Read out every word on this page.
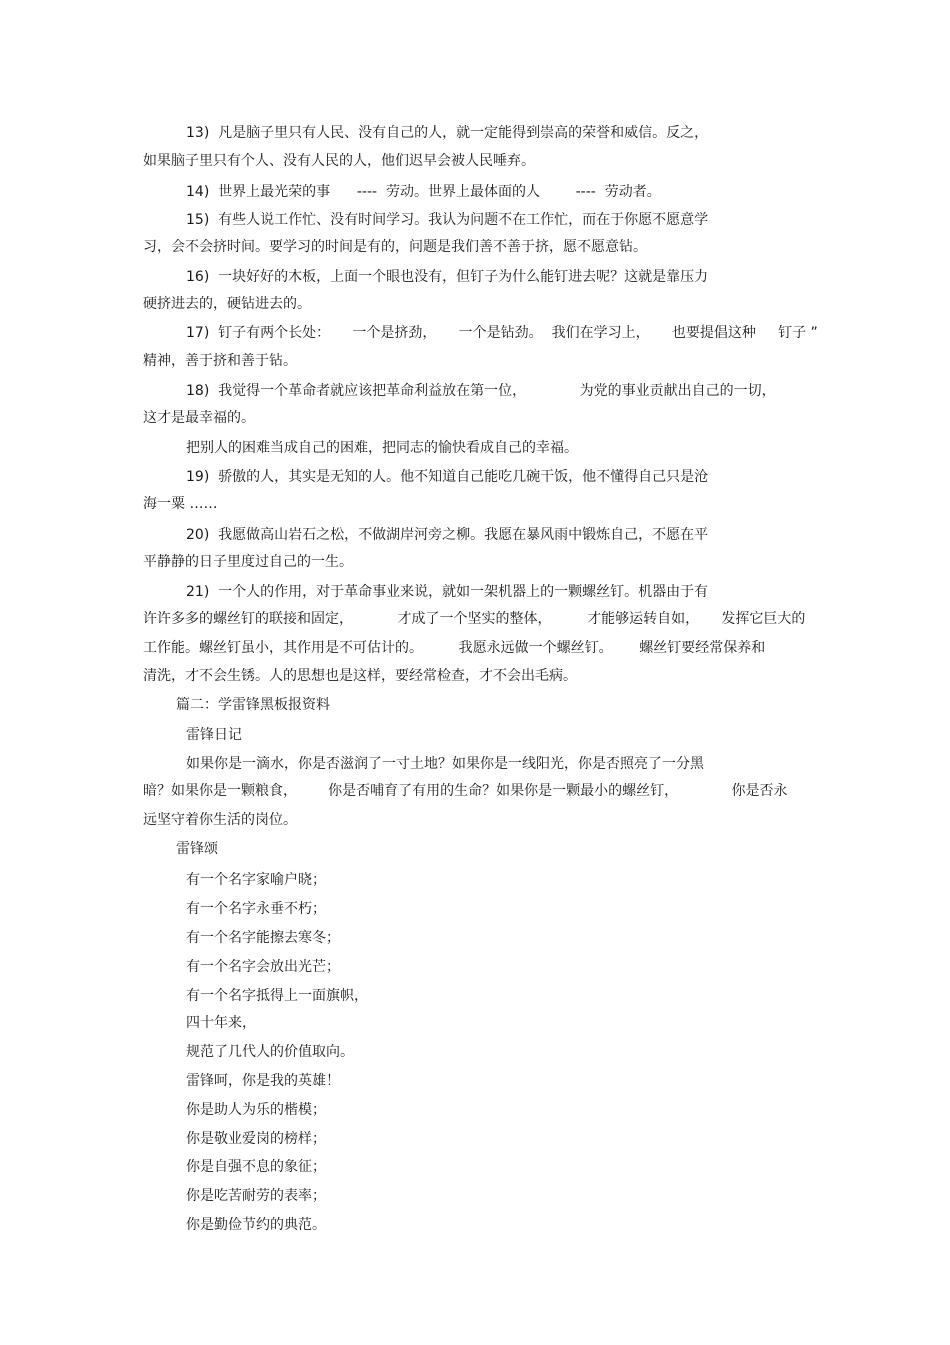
13)  凡是脑子里只有人民、没有自己的人，就一定能得到崇高的荣誉和威信。反之，
如果脑子里只有个人、没有人民的人，他们迟早会被人民唾弃。
14)  世界上最光荣的事      ----  劳动。世界上最体面的人        ----  劳动者。
15)  有些人说工作忙、没有时间学习。我认为问题不在工作忙，而在于你愿不愿意学
习，会不会挤时间。要学习的时间是有的，问题是我们善不善于挤，愿不愿意钻。
16)  一块好好的木板，上面一个眼也没有，但钉子为什么能钉进去呢？这就是靠压力
硬挤进去的，硬钻进去的。
17)  钉子有两个长处：     一个是挤劲，     一个是钻劲。  我们在学习上，     也要提倡这种     钉子 ”
精神，善于挤和善于钻。
18)  我觉得一个革命者就应该把革命利益放在第一位，            为党的事业贡献出自己的一切，
这才是最幸福的。
把别人的困难当成自己的困难，把同志的愉快看成自己的幸福。
19)  骄傲的人，其实是无知的人。他不知道自己能吃几碗干饭，他不懂得自己只是沧
海一粟 ……
20)  我愿做高山岩石之松，不做湖岸河旁之柳。我愿在暴风雨中锻炼自己，不愿在平
平静静的日子里度过自己的一生。
21)  一个人的作用，对于革命事业来说，就如一架机器上的一颗螺丝钉。机器由于有
许许多多的螺丝钉的联接和固定，          才成了一个坚实的整体，        才能够运转自如，     发挥它巨大的
工作能。螺丝钉虽小，其作用是不可估计的。        我愿永远做一个螺丝钉。      螺丝钉要经常保养和
清洗，才不会生锈。人的思想也是这样，要经常检查，才不会出毛病。
篇二：学雷锋黑板报资料
雷锋日记
如果你是一滴水，你是否滋润了一寸土地？如果你是一线阳光，你是否照亮了一分黑
暗？如果你是一颗粮食，       你是否哺育了有用的生命？如果你是一颗最小的螺丝钉，            你是否永
远坚守着你生活的岗位。
雷锋颂
有一个名字家喻户晓；
有一个名字永垂不朽；
有一个名字能擦去寒冬；
有一个名字会放出光芒；
有一个名字抵得上一面旗帜，
四十年来，
规范了几代人的价值取向。
雷锋呵，你是我的英雄！
你是助人为乐的楷模；
你是敬业爱岗的榜样；
你是自强不息的象征；
你是吃苦耐劳的表率；
你是勤俭节约的典范。
